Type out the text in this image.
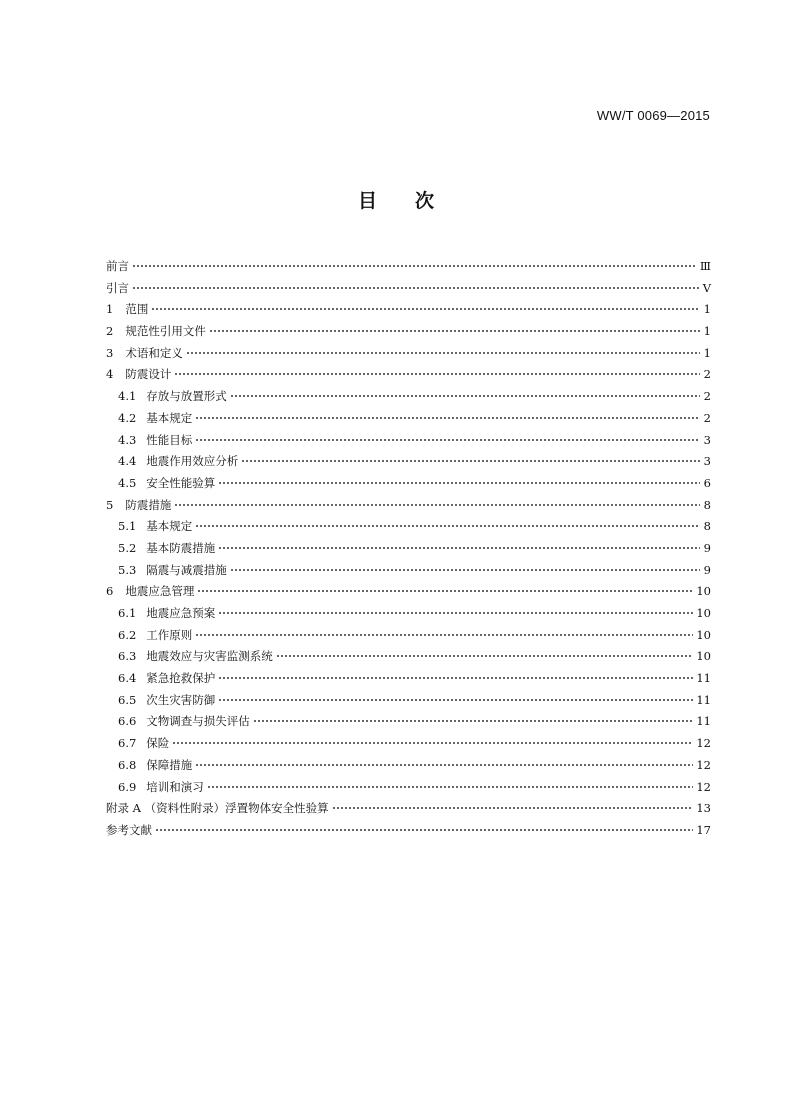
WW/T 0069—2015
目次
前言	Ⅲ
引言	Ⅴ
1 范围	1
2 规范性引用文件	1
3 术语和定义	1
4 防震设计	2
4.1 存放与放置形式	2
4.2 基本规定	2
4.3 性能目标	3
4.4 地震作用效应分析	3
4.5 安全性能验算	6
5 防震措施	8
5.1 基本规定	8
5.2 基本防震措施	9
5.3 隔震与减震措施	9
6 地震应急管理	10
6.1 地震应急预案	10
6.2 工作原则	10
6.3 地震效应与灾害监测系统	10
6.4 紧急抢救保护	11
6.5 次生灾害防御	11
6.6 文物调查与损失评估	11
6.7 保险	12
6.8 保障措施	12
6.9 培训和演习	12
附录 A （资料性附录）浮置物体安全性验算	13
参考文献	17
